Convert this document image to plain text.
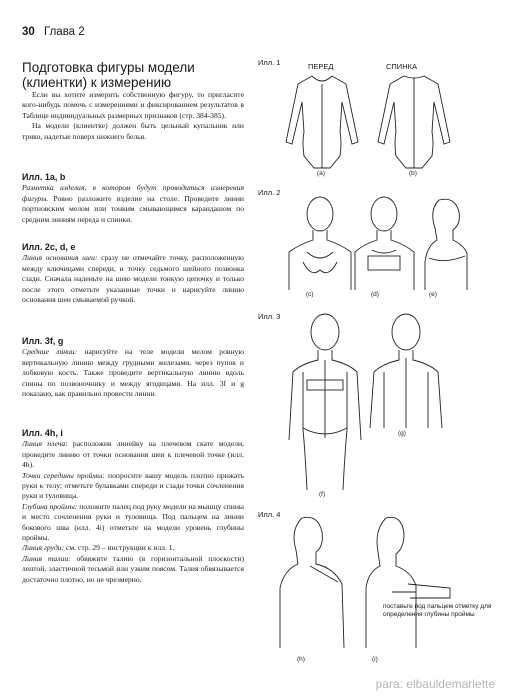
30 Глава 2
Подготовка фигуры модели (клиентки) к измерению

Если вы хотите измерить собственную фигуру, то пригласите кого-нибудь помочь с измерениями и фиксированием результатов в Таблице индивидуальных размерных признаков (стр. 384-385).

На модели (клиентке) должен быть цельный купальник или трико, надетые поверх нижнего белья.

Илл. 1a, b

Разметка изделия, в котором будут проводиться измерения фигуры. Ровно разложите изделие на столе. Проведите линии портновским мелом или тонким смывающимся карандашом по средним линиям переда и спинки.

Илл. 2c, d, e

Линия основания шеи: сразу не отмечайте точку, расположенную между ключицами спереди, и точку седьмого шейного позвонка сзади. Сначала наденьте на шею модели тонкую цепочку и только после этого отметьте указанные точки и нарисуйте линию основания шеи смываемой ручкой.

Илл. 3f, g

Средние линии: нарисуйте на теле модели мелом ровную вертикальную линию между грудными железами, через пупок и лобковую кость. Также проведите вертикальную линию вдоль спины по позвоночнику и между ягодицами. На илл. 3f и g показано, как правильно провести линии.

Илл. 4h, i

Линия плеча: расположив линейку на плечевом скате модели, проведите линию от точки основания шеи к плечевой точке (илл. 4h).

Точки середины проймы: попросите вашу модель плотно прижать руки к телу; отметьте булавками спереди и сзади точки сочленения руки и туловища.

Глубина проймы: положите палец под руку модели на мышцу спины и место сочленения руки и туловища. Под пальцем на линии бокового шва (илл. 4i) отметьте на модели уровень глубины проймы.

Линия груди: см. стр. 29 – инструкции к илл. 1.

Линия талии: обвяжите талию (в горизонтальной плоскости) лентой, эластичной тесьмой или узким поясом. Талия обвязывается достаточно плотно, но не чрезмерно.

Илл. 1	ПЕРЕД	СПИНКА
(a)	(b)
Илл. 2
(c)	(d)	(e)
Илл. 3
(f)
(g)
Илл. 4
(h)	(i)
поставьте под пальцем отметку для определения глубины проймы
para: elbauldemariette
